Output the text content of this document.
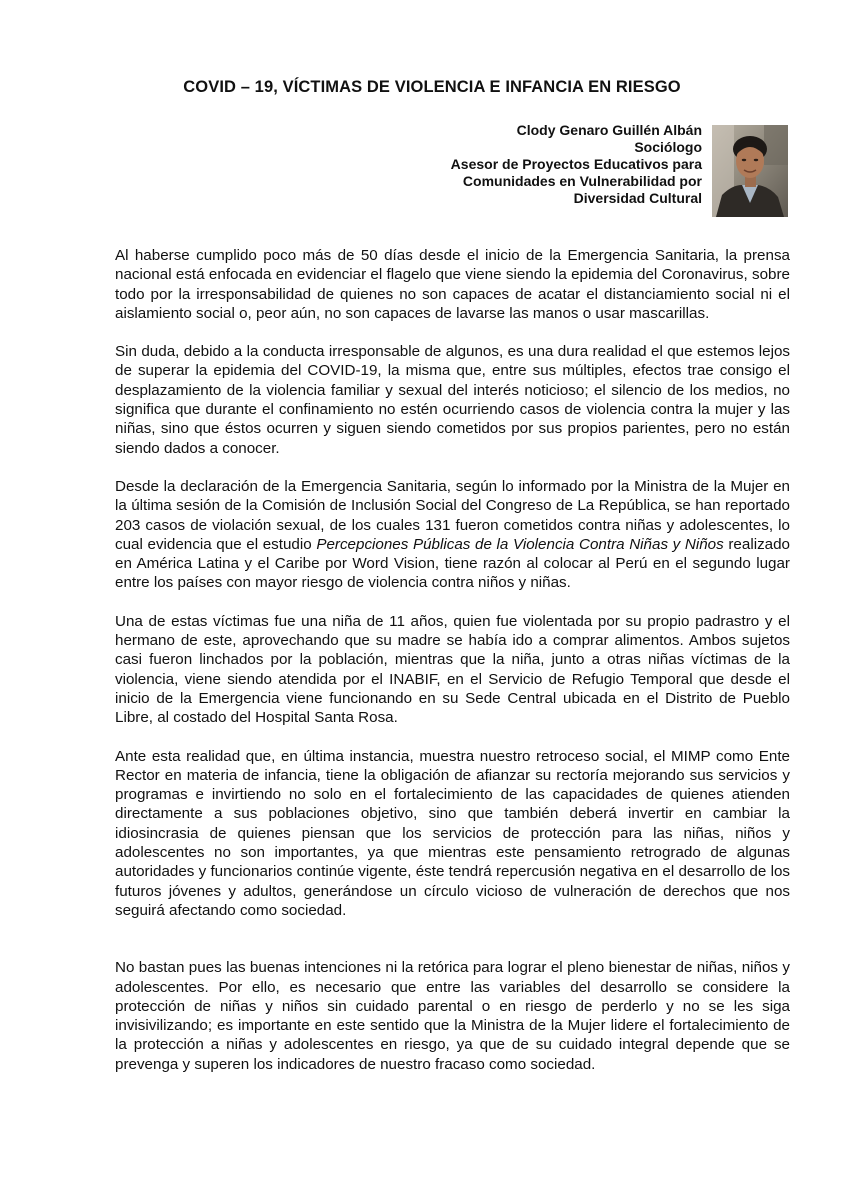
COVID – 19, VÍCTIMAS DE VIOLENCIA E INFANCIA EN RIESGO
Clody Genaro Guillén Albán
Sociólogo
Asesor de Proyectos Educativos para
Comunidades en Vulnerabilidad por
Diversidad Cultural

Al haberse cumplido poco más de 50 días desde el inicio de la Emergencia Sanitaria, la prensa nacional está enfocada en evidenciar el flagelo que viene siendo la epidemia del Coronavirus, sobre todo por la irresponsabilidad de quienes no son capaces de acatar el distanciamiento social ni el aislamiento social o, peor aún, no son capaces de lavarse las manos o usar mascarillas.

Sin duda, debido a la conducta irresponsable de algunos, es una dura realidad el que estemos lejos de superar la epidemia del COVID-19, la misma que, entre sus múltiples, efectos trae consigo el desplazamiento de la violencia familiar y sexual del interés noticioso; el silencio de los medios, no significa que durante el confinamiento no estén ocurriendo casos de violencia contra la mujer y las niñas, sino que éstos ocurren y siguen siendo cometidos por sus propios parientes, pero no están siendo dados a conocer.

Desde la declaración de la Emergencia Sanitaria, según lo informado por la Ministra de la Mujer en la última sesión de la Comisión de Inclusión Social del Congreso de La República, se han reportado 203 casos de violación sexual, de los cuales 131 fueron cometidos contra niñas y adolescentes, lo cual evidencia que el estudio Percepciones Públicas de la Violencia Contra Niñas y Niños realizado en América Latina y el Caribe por Word Vision, tiene razón al colocar al Perú en el segundo lugar entre los países con mayor riesgo de violencia contra niños y niñas.

Una de estas víctimas fue una niña de 11 años, quien fue violentada por su propio padrastro y el hermano de este, aprovechando que su madre se había ido a comprar alimentos. Ambos sujetos casi fueron linchados por la población, mientras que la niña, junto a otras niñas víctimas de la violencia, viene siendo atendida por el INABIF, en el Servicio de Refugio Temporal que desde el inicio de la Emergencia viene funcionando en su Sede Central ubicada en el Distrito de Pueblo Libre, al costado del Hospital Santa Rosa.

Ante esta realidad que, en última instancia, muestra nuestro retroceso social, el MIMP como Ente Rector en materia de infancia, tiene la obligación de afianzar su rectoría mejorando sus servicios y programas e invirtiendo no solo en el fortalecimiento de las capacidades de quienes atienden directamente a sus poblaciones objetivo, sino que también deberá invertir en cambiar la idiosincrasia de quienes piensan que los servicios de protección para las niñas, niños y adolescentes no son importantes, ya que mientras este pensamiento retrogrado de algunas autoridades y funcionarios continúe vigente, éste tendrá repercusión negativa en el desarrollo de los futuros jóvenes y adultos, generándose un círculo vicioso de vulneración de derechos que nos seguirá afectando como sociedad.

No bastan pues las buenas intenciones ni la retórica para lograr el pleno bienestar de niñas, niños y adolescentes. Por ello, es necesario que entre las variables del desarrollo se considere la protección de niñas y niños sin cuidado parental o en riesgo de perderlo y no se les siga invisivilizando; es importante en este sentido que la Ministra de la Mujer lidere el fortalecimiento de la protección a niñas y adolescentes en riesgo, ya que de su cuidado integral depende que se prevenga y superen los indicadores de nuestro fracaso como sociedad.
